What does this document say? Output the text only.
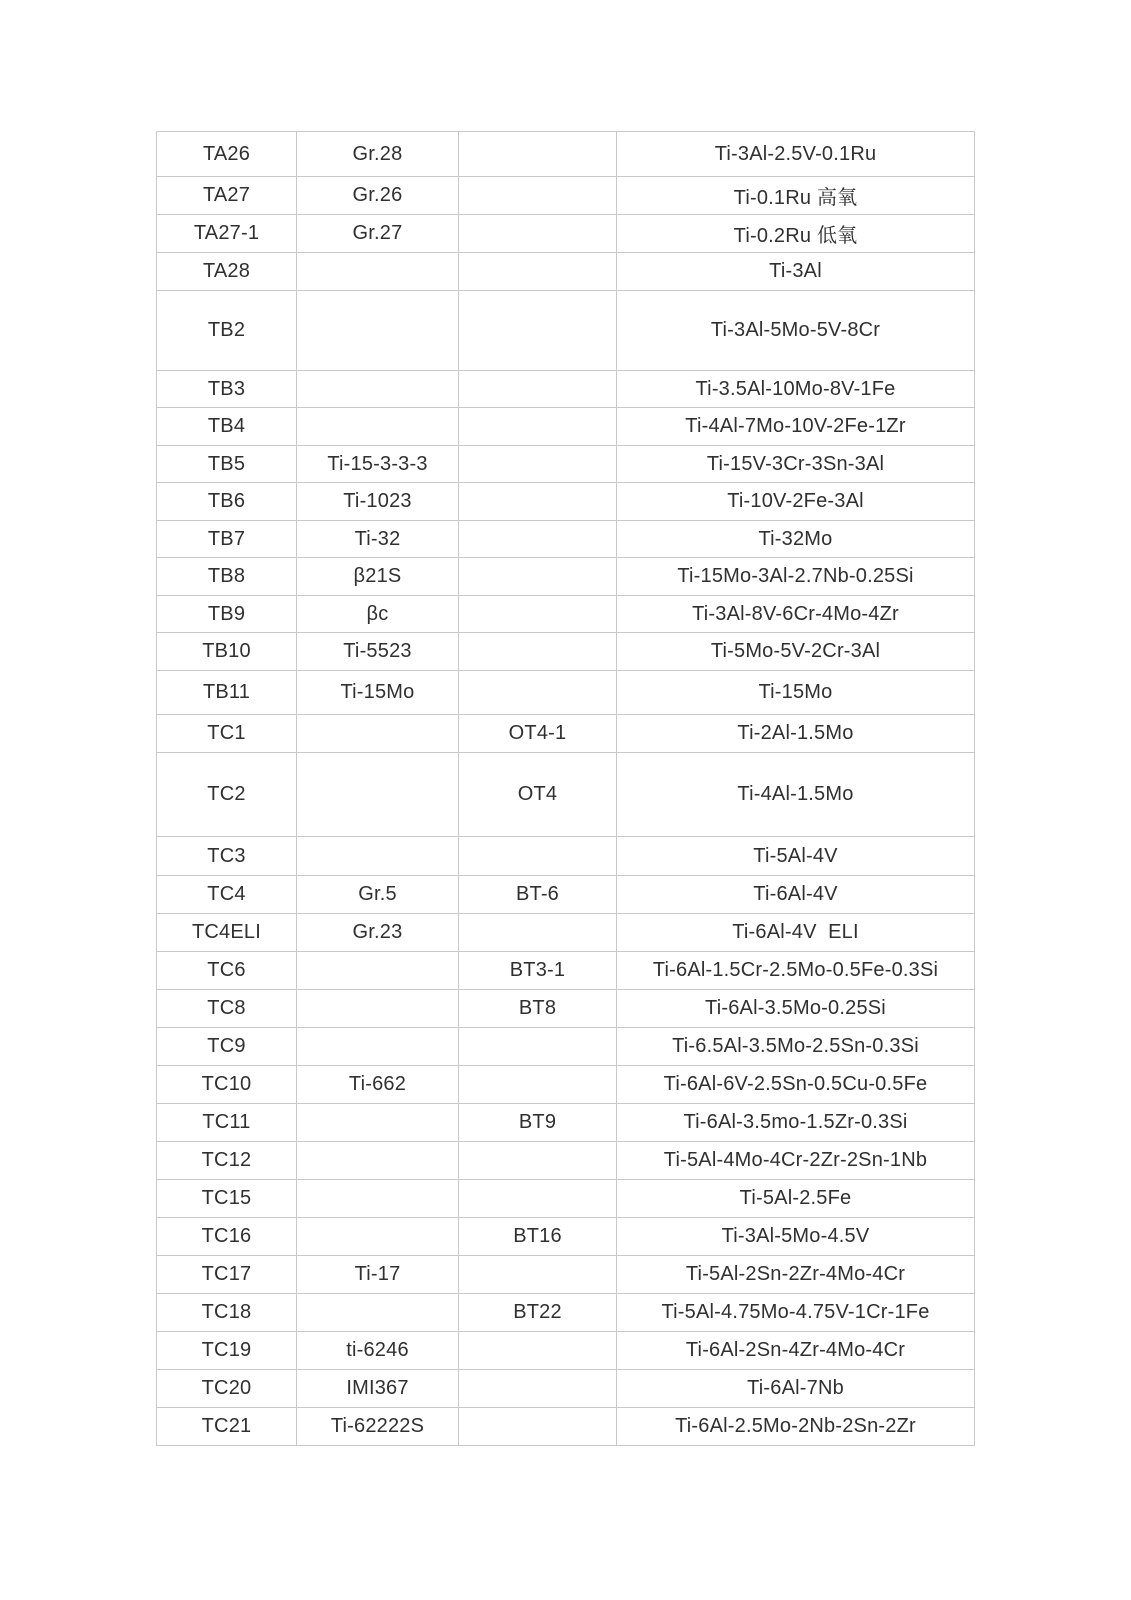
TA26	Gr.28		Ti-3Al-2.5V-0.1Ru
TA27	Gr.26		Ti-0.1Ru 高氧
TA27-1	Gr.27		Ti-0.2Ru 低氧
TA28			Ti-3Al
TB2			Ti-3Al-5Mo-5V-8Cr
TB3			Ti-3.5Al-10Mo-8V-1Fe
TB4			Ti-4Al-7Mo-10V-2Fe-1Zr
TB5	Ti-15-3-3-3		Ti-15V-3Cr-3Sn-3Al
TB6	Ti-1023		Ti-10V-2Fe-3Al
TB7	Ti-32		Ti-32Mo
TB8	β21S		Ti-15Mo-3Al-2.7Nb-0.25Si
TB9	βc		Ti-3Al-8V-6Cr-4Mo-4Zr
TB10	Ti-5523		Ti-5Mo-5V-2Cr-3Al
TB11	Ti-15Mo		Ti-15Mo
TC1		OT4-1	Ti-2Al-1.5Mo
TC2		OT4	Ti-4Al-1.5Mo
TC3			Ti-5Al-4V
TC4	Gr.5	BT-6	Ti-6Al-4V
TC4ELI	Gr.23		Ti-6Al-4V  ELI
TC6		BT3-1	Ti-6Al-1.5Cr-2.5Mo-0.5Fe-0.3Si
TC8		BT8	Ti-6Al-3.5Mo-0.25Si
TC9			Ti-6.5Al-3.5Mo-2.5Sn-0.3Si
TC10	Ti-662		Ti-6Al-6V-2.5Sn-0.5Cu-0.5Fe
TC11		BT9	Ti-6Al-3.5mo-1.5Zr-0.3Si
TC12			Ti-5Al-4Mo-4Cr-2Zr-2Sn-1Nb
TC15			Ti-5Al-2.5Fe
TC16		BT16	Ti-3Al-5Mo-4.5V
TC17	Ti-17		Ti-5Al-2Sn-2Zr-4Mo-4Cr
TC18		BT22	Ti-5Al-4.75Mo-4.75V-1Cr-1Fe
TC19	ti-6246		Ti-6Al-2Sn-4Zr-4Mo-4Cr
TC20	IMI367		Ti-6Al-7Nb
TC21	Ti-62222S		Ti-6Al-2.5Mo-2Nb-2Sn-2Zr
